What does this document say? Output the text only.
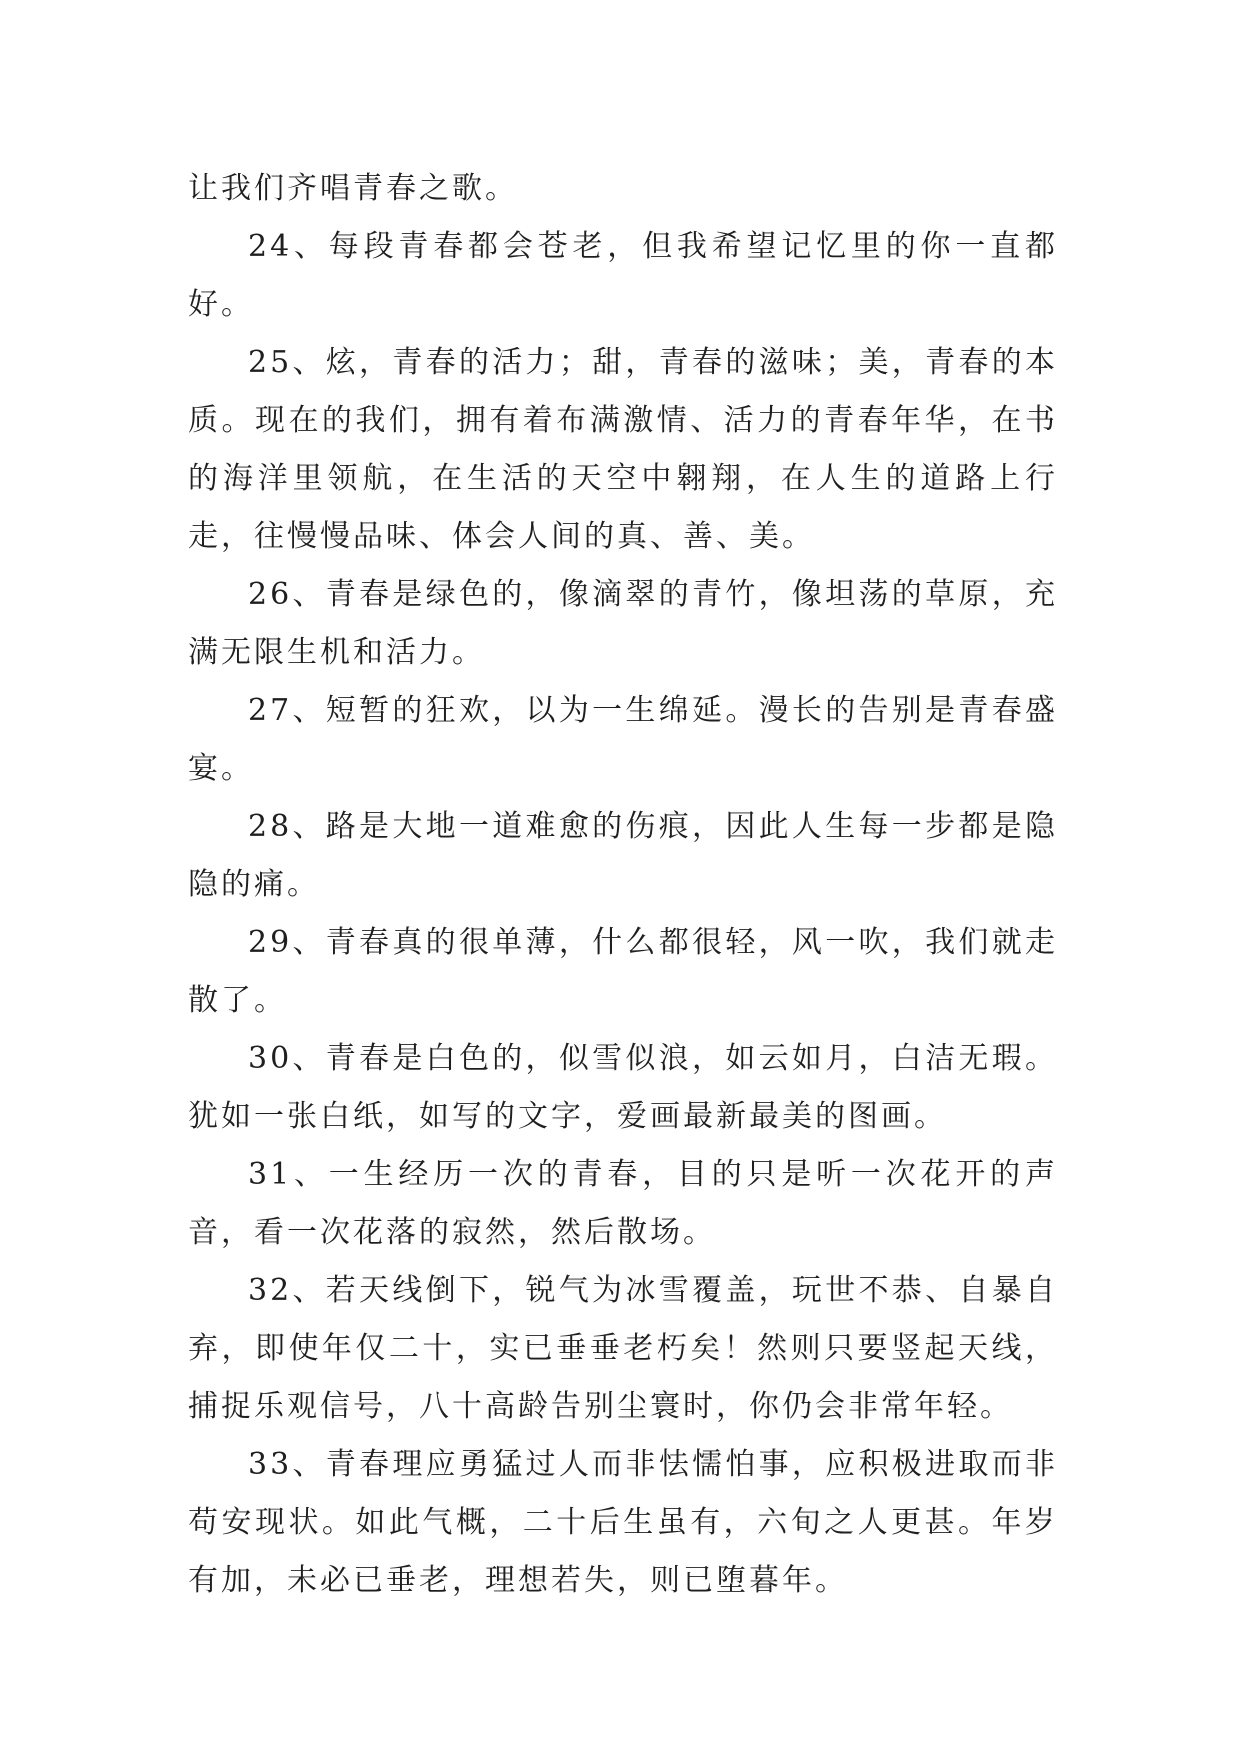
让我们齐唱青春之歌。

24、每段青春都会苍老，但我希望记忆里的你一直都好。

25、炫，青春的活力；甜，青春的滋味；美，青春的本质。现在的我们，拥有着布满激情、活力的青春年华，在书的海洋里领航，在生活的天空中翱翔，在人生的道路上行走，往慢慢品味、体会人间的真、善、美。

26、青春是绿色的，像滴翠的青竹，像坦荡的草原，充满无限生机和活力。

27、短暂的狂欢，以为一生绵延。漫长的告别是青春盛宴。

28、路是大地一道难愈的伤痕，因此人生每一步都是隐隐的痛。

29、青春真的很单薄，什么都很轻，风一吹，我们就走散了。

30、青春是白色的，似雪似浪，如云如月，白洁无瑕。犹如一张白纸，如写的文字，爱画最新最美的图画。

31、一生经历一次的青春，目的只是听一次花开的声音，看一次花落的寂然，然后散场。

32、若天线倒下，锐气为冰雪覆盖，玩世不恭、自暴自弃，即使年仅二十，实已垂垂老朽矣！然则只要竖起天线，捕捉乐观信号，八十高龄告别尘寰时，你仍会非常年轻。

33、青春理应勇猛过人而非怯懦怕事，应积极进取而非苟安现状。如此气概，二十后生虽有，六旬之人更甚。年岁有加，未必已垂老，理想若失，则已堕暮年。
